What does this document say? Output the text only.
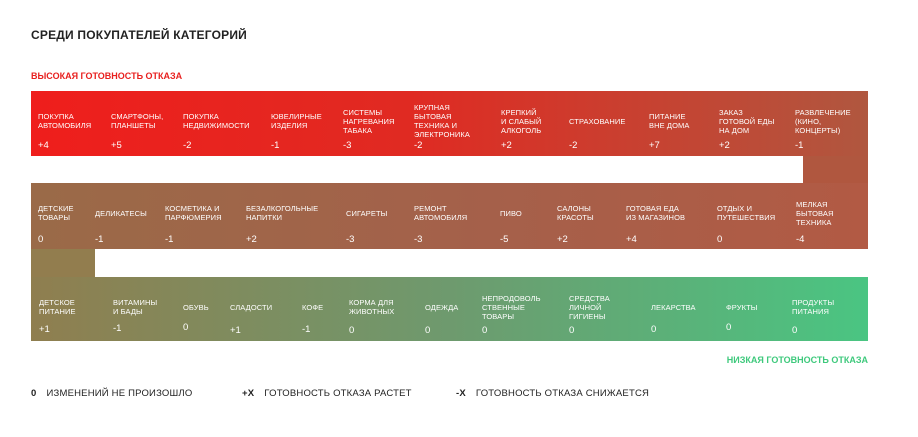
СРЕДИ ПОКУПАТЕЛЕЙ КАТЕГОРИЙ
ВЫСОКАЯ ГОТОВНОСТЬ ОТКАЗА
ПОКУПКА
АВТОМОБИЛЯ
+4
СМАРТФОНЫ,
ПЛАНШЕТЫ
+5
ПОКУПКА
НЕДВИЖИМОСТИ
-2
ЮВЕЛИРНЫЕ
ИЗДЕЛИЯ
-1
СИСТЕМЫ
НАГРЕВАНИЯ
ТАБАКА
-3
КРУПНАЯ
БЫТОВАЯ
ТЕХНИКА И
ЭЛЕКТРОНИКА
-2
КРЕПКИЙ
И СЛАБЫЙ
АЛКОГОЛЬ
+2
СТРАХОВАНИЕ
-2
ПИТАНИЕ
ВНЕ ДОМА
+7
ЗАКАЗ
ГОТОВОЙ ЕДЫ
НА ДОМ
+2
РАЗВЛЕЧЕНИЕ
(КИНО,
КОНЦЕРТЫ)
-1
ДЕТСКИЕ
ТОВАРЫ
0
ДЕЛИКАТЕСЫ
-1
КОСМЕТИКА И
ПАРФЮМЕРИЯ
-1
БЕЗАЛКОГОЛЬНЫЕ
НАПИТКИ
+2
СИГАРЕТЫ
-3
РЕМОНТ
АВТОМОБИЛЯ
-3
ПИВО
-5
САЛОНЫ
КРАСОТЫ
+2
ГОТОВАЯ ЕДА
ИЗ МАГАЗИНОВ
+4
ОТДЫХ И
ПУТЕШЕСТВИЯ
0
МЕЛКАЯ
БЫТОВАЯ
ТЕХНИКА
-4
ДЕТСКОЕ
ПИТАНИЕ
+1
ВИТАМИНЫ
И БАДЫ
-1
ОБУВЬ
0
СЛАДОСТИ
+1
КОФЕ
-1
КОРМА ДЛЯ
ЖИВОТНЫХ
0
ОДЕЖДА
0
НЕПРОДОВОЛЬ
СТВЕННЫЕ
ТОВАРЫ
0
СРЕДСТВА
ЛИЧНОЙ
ГИГИЕНЫ
0
ЛЕКАРСТВА
0
ФРУКТЫ
0
ПРОДУКТЫ
ПИТАНИЯ
0
НИЗКАЯ ГОТОВНОСТЬ ОТКАЗА
0 ИЗМЕНЕНИЙ НЕ ПРОИЗОШЛО	+X ГОТОВНОСТЬ ОТКАЗА РАСТЕТ	-X ГОТОВНОСТЬ ОТКАЗА СНИЖАЕТСЯ
